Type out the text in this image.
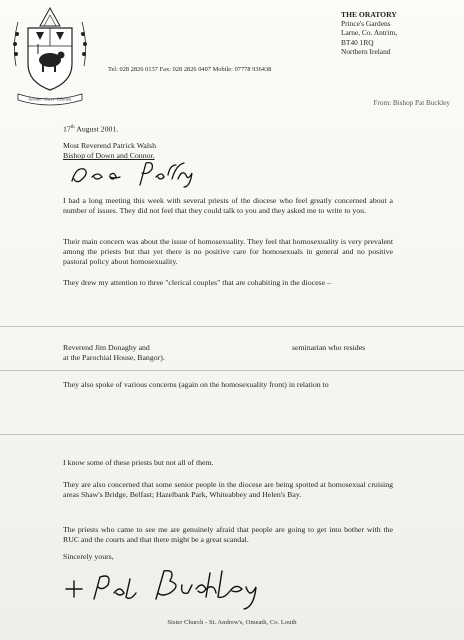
Servare · Caret · Liberant
Tel: 028 2826 0137 Fax: 028 2826 0407 Mobile: 07778 936438
THE ORATORY
Prince's Gardens
Larne, Co. Antrim,
BT40 1RQ
Northern Ireland
From: Bishop Pat Buckley
17th August 2001.
Most Reverend Patrick Walsh
Bishop of Down and Connor.
I had a long meeting this week with several priests of the diocese who feel greatly concerned about a number of issues. They did not feel that they could talk to you and they asked me to write to you.
Their main concern was about the issue of homosexuality. They feel that homosexuality is very prevalent among the priests but that yet there is no positive care for homosexuals in general and no positive pastoral policy about homosexuality.
They drew my attention to three "clerical couples" that are cohabiting in the diocese –
Reverend Jim Donaghy and
at the Parochial House, Bangor).
seminarian who resides
They also spoke of various concerns (again on the homosexuality front) in relation to
I know some of these priests but not all of them.
They are also concerned that some senior people in the diocese are being spotted at homosexual cruising areas Shaw's Bridge, Belfast; Hazelbank Park, Whiteabbey and Helen's Bay.
The priests who came to see me are genuinely afraid that people are going to get into bother with the RUC and the courts and that there might be a great scandal.
Sincerely yours,
Sister Church - St. Andrew's, Omeath, Co. Louth
